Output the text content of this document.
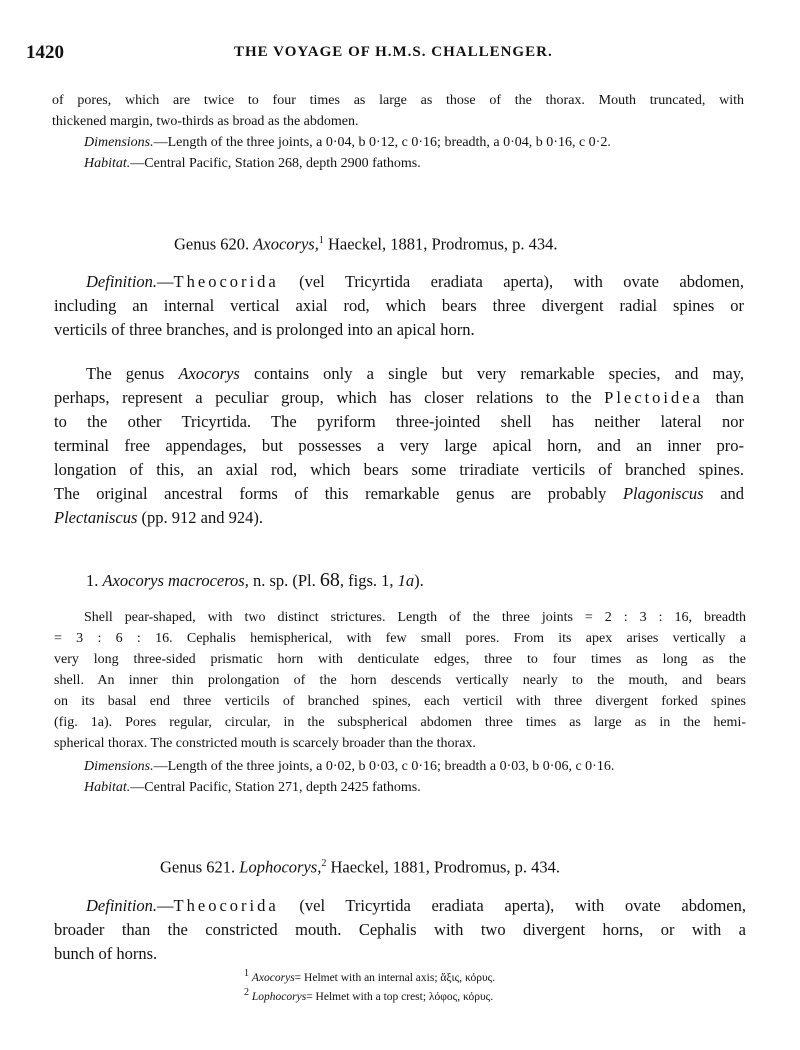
1420	THE VOYAGE OF H.M.S. CHALLENGER.
of pores, which are twice to four times as large as those of the thorax. Mouth truncated, with
thickened margin, two-thirds as broad as the abdomen.
Dimensions.—Length of the three joints, a 0·04, b 0·12, c 0·16; breadth, a 0·04, b 0·16, c 0·2.
Habitat.—Central Pacific, Station 268, depth 2900 fathoms.
Genus 620. Axocorys,$^1$ Haeckel, 1881, Prodromus, p. 434.
Definition.—Theocorida (vel Tricyrtida eradiata aperta), with ovate abdomen,
including an internal vertical axial rod, which bears three divergent radial spines or
verticils of three branches, and is prolonged into an apical horn.
The genus Axocorys contains only a single but very remarkable species, and may,
perhaps, represent a peculiar group, which has closer relations to the Plectoidea than
to the other Tricyrtida. The pyriform three-jointed shell has neither lateral nor
terminal free appendages, but possesses a very large apical horn, and an inner pro-
longation of this, an axial rod, which bears some triradiate verticils of branched spines.
The original ancestral forms of this remarkable genus are probably Plagoniscus and
Plectaniscus (pp. 912 and 924).
1. Axocorys macroceros, n. sp. (Pl. 68, figs. 1, 1a).
Shell pear-shaped, with two distinct strictures. Length of the three joints = 2 : 3 : 16, breadth
= 3 : 6 : 16. Cephalis hemispherical, with few small pores. From its apex arises vertically a
very long three-sided prismatic horn with denticulate edges, three to four times as long as the
shell. An inner thin prolongation of the horn descends vertically nearly to the mouth, and bears
on its basal end three verticils of branched spines, each verticil with three divergent forked spines
(fig. 1a). Pores regular, circular, in the subspherical abdomen three times as large as in the hemi-
spherical thorax. The constricted mouth is scarcely broader than the thorax.
Dimensions.—Length of the three joints, a 0·02, b 0·03, c 0·16; breadth a 0·03, b 0·06, c 0·16.
Habitat.—Central Pacific, Station 271, depth 2425 fathoms.
Genus 621. Lophocorys,$^2$ Haeckel, 1881, Prodromus, p. 434.
Definition.—Theocorida (vel Tricyrtida eradiata aperta), with ovate abdomen,
broader than the constricted mouth. Cephalis with two divergent horns, or with a
bunch of horns.
$^1$ Axocorys= Helmet with an internal axis; ἄξις, κόρυς.
$^2$ Lophocorys= Helmet with a top crest; λόφος, κόρυς.
